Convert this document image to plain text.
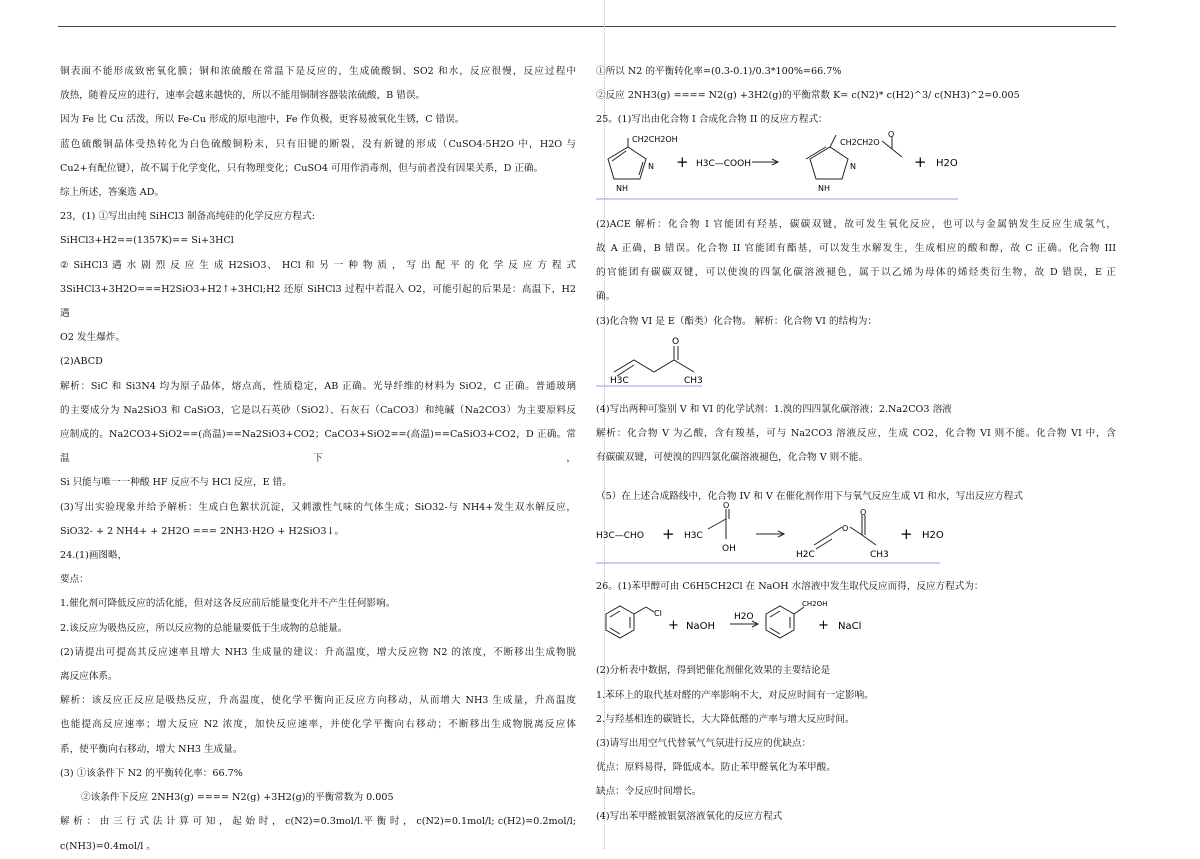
铜表面不能形成致密氧化膜；铜和浓硫酸在常温下是反应的，生成硫酸铜、SO2 和水，反应很慢，反应过程中

放热，随着反应的进行，速率会越来越快的，所以不能用铜制容器装浓硫酸，B 错误。

因为 Fe 比 Cu 活泼，所以 Fe-Cu 形成的原电池中，Fe 作负极，更容易被氧化生锈，C 错误。

蓝色硫酸铜晶体受热转化为白色硫酸铜粉末，只有旧键的断裂，没有新键的形成（CuSO4·5H2O 中，H2O 与

Cu2+有配位键），故不属于化学变化，只有物理变化；CuSO4 可用作消毒剂，但与前者没有因果关系，D 正确。

综上所述，答案选 AD。

23，(1) ①写出由纯 SiHCl3 制备高纯硅的化学反应方程式:

SiHCl3+H2==(1357K)== Si+3HCl

② SiHCl3 遇 水 剧 烈 反 应 生 成 H2SiO3、 HCl 和 另 一 种 物 质 ， 写 出 配 平 的 化 学 反 应 方 程 式

3SiHCl3+3H2O===H2SiO3+H2↑+3HCl;H2 还原 SiHCl3 过程中若混入 O2，可能引起的后果是：高温下，H2 遇

O2 发生爆炸。

(2)ABCD

解析：SiC 和 Si3N4 均为原子晶体，熔点高，性质稳定，AB 正确。光导纤维的材料为 SiO2，C 正确。普通玻璃

的主要成分为 Na2SiO3 和 CaSiO3，它是以石英砂（SiO2）、石灰石（CaCO3）和纯碱（Na2CO3）为主要原料反

应制成的。Na2CO3+SiO2==(高温)==Na2SiO3+CO2；CaCO3+SiO2==(高温)==CaSiO3+CO2，D 正确。常温下，

Si 只能与唯一一种酸 HF 反应不与 HCl 反应，E 错。

(3)写出实验现象并给予解析：生成白色絮状沉淀，又刺激性气味的气体生成；SiO32-与 NH4+发生双水解反应，

SiO32- + 2 NH4+ + 2H2O === 2NH3·H2O + H2SiO3↓。

24.(1)画图略，

要点：

1.催化剂可降低反应的活化能，但对这各反应前后能量变化并不产生任何影响。

2.该反应为吸热反应，所以反应物的总能量要低于生成物的总能量。

(2)请提出可提高其反应速率且增大 NH3 生成量的建议：升高温度，增大反应物 N2 的浓度，不断移出生成物脱

离反应体系。

解析：该反应正反应是吸热反应，升高温度，使化学平衡向正反应方向移动，从而增大 NH3 生成量，升高温度

也能提高反应速率；增大反应 N2 浓度，加快反应速率，并使化学平衡向右移动；不断移出生成物脱离反应体

系，使平衡向右移动，增大 NH3 生成量。

(3) ①该条件下 N2 的平衡转化率：66.7%

②该条件下反应 2NH3(g) ==== N2(g) +3H2(g)的平衡常数为 0.005

解 析 ： 由 三 行 式 法 计 算 可 知 ， 起 始 时 ， c(N2)=0.3mol/l.平 衡 时 ， c(N2)=0.1mol/l; c(H2)=0.2mol/l;

c(NH3)=0.4mol/l 。

①所以 N2 的平衡转化率=(0.3-0.1)/0.3*100%=66.7%

②反应 2NH3(g) ==== N2(g) +3H2(g)的平衡常数 K= c(N2)* c(H2)^3/ c(NH3)^2=0.005

25。(1)写出由化合物 I 合成化合物 II 的反应方程式：

CH2CH2OH
NH
N + H3C—COOH
CH2CH2O
O
NH
N	+ H2O

(2)ACE 解析：化合物 I 官能团有羟基，碳碳双键，故可发生氧化反应，也可以与金属钠发生反应生成氢气，

故 A 正确，B 错误。化合物 II 官能团有酯基，可以发生水解发生，生成相应的酸和醇，故 C 正确。化合物 III

的官能团有碳碳双键，可以使溴的四氯化碳溶液褪色，属于以乙烯为母体的烯烃类衍生物，故 D 错误，E 正

确。

(3)化合物 VI 是 E（酯类）化合物。 解析：化合物 VI 的结构为：

O
H3C	CH3

(4)写出两种可鉴别 V 和 VI 的化学试剂：1.溴的四四氯化碳溶液；2.Na2CO3 溶液

解析：化合物 V 为乙酸，含有羧基，可与 Na2CO3 溶液反应，生成 CO2，化合物 VI 则不能。化合物 VI 中，含

有碳碳双键，可使溴的四四氯化碳溶液褪色，化合物 V 则不能。

（5）在上述合成路线中，化合物 IV 和 V 在催化剂作用下与氧气反应生成 VI 和水，写出反应方程式

H3C—CHO + H3C
O
OH
H2C
O
O
CH3
+ H2O

26。(1)苯甲醇可由 C6H5CH2Cl 在 NaOH 水溶液中发生取代反应而得，反应方程式为：

Cl
+ NaOH
H2O
CH2OH
+ NaCl

(2)分析表中数据，得到钯催化剂催化效果的主要结论是

1.苯环上的取代基对醛的产率影响不大，对反应时间有一定影响。

2.与羟基相连的碳链长，大大降低醛的产率与增大反应时间。

(3)请写出用空气代替氧气气氛进行反应的优缺点：

优点：原料易得，降低成本。防止苯甲醛氧化为苯甲酸。

缺点：令反应时间增长。

(4)写出苯甲醛被银氨溶液氧化的反应方程式
